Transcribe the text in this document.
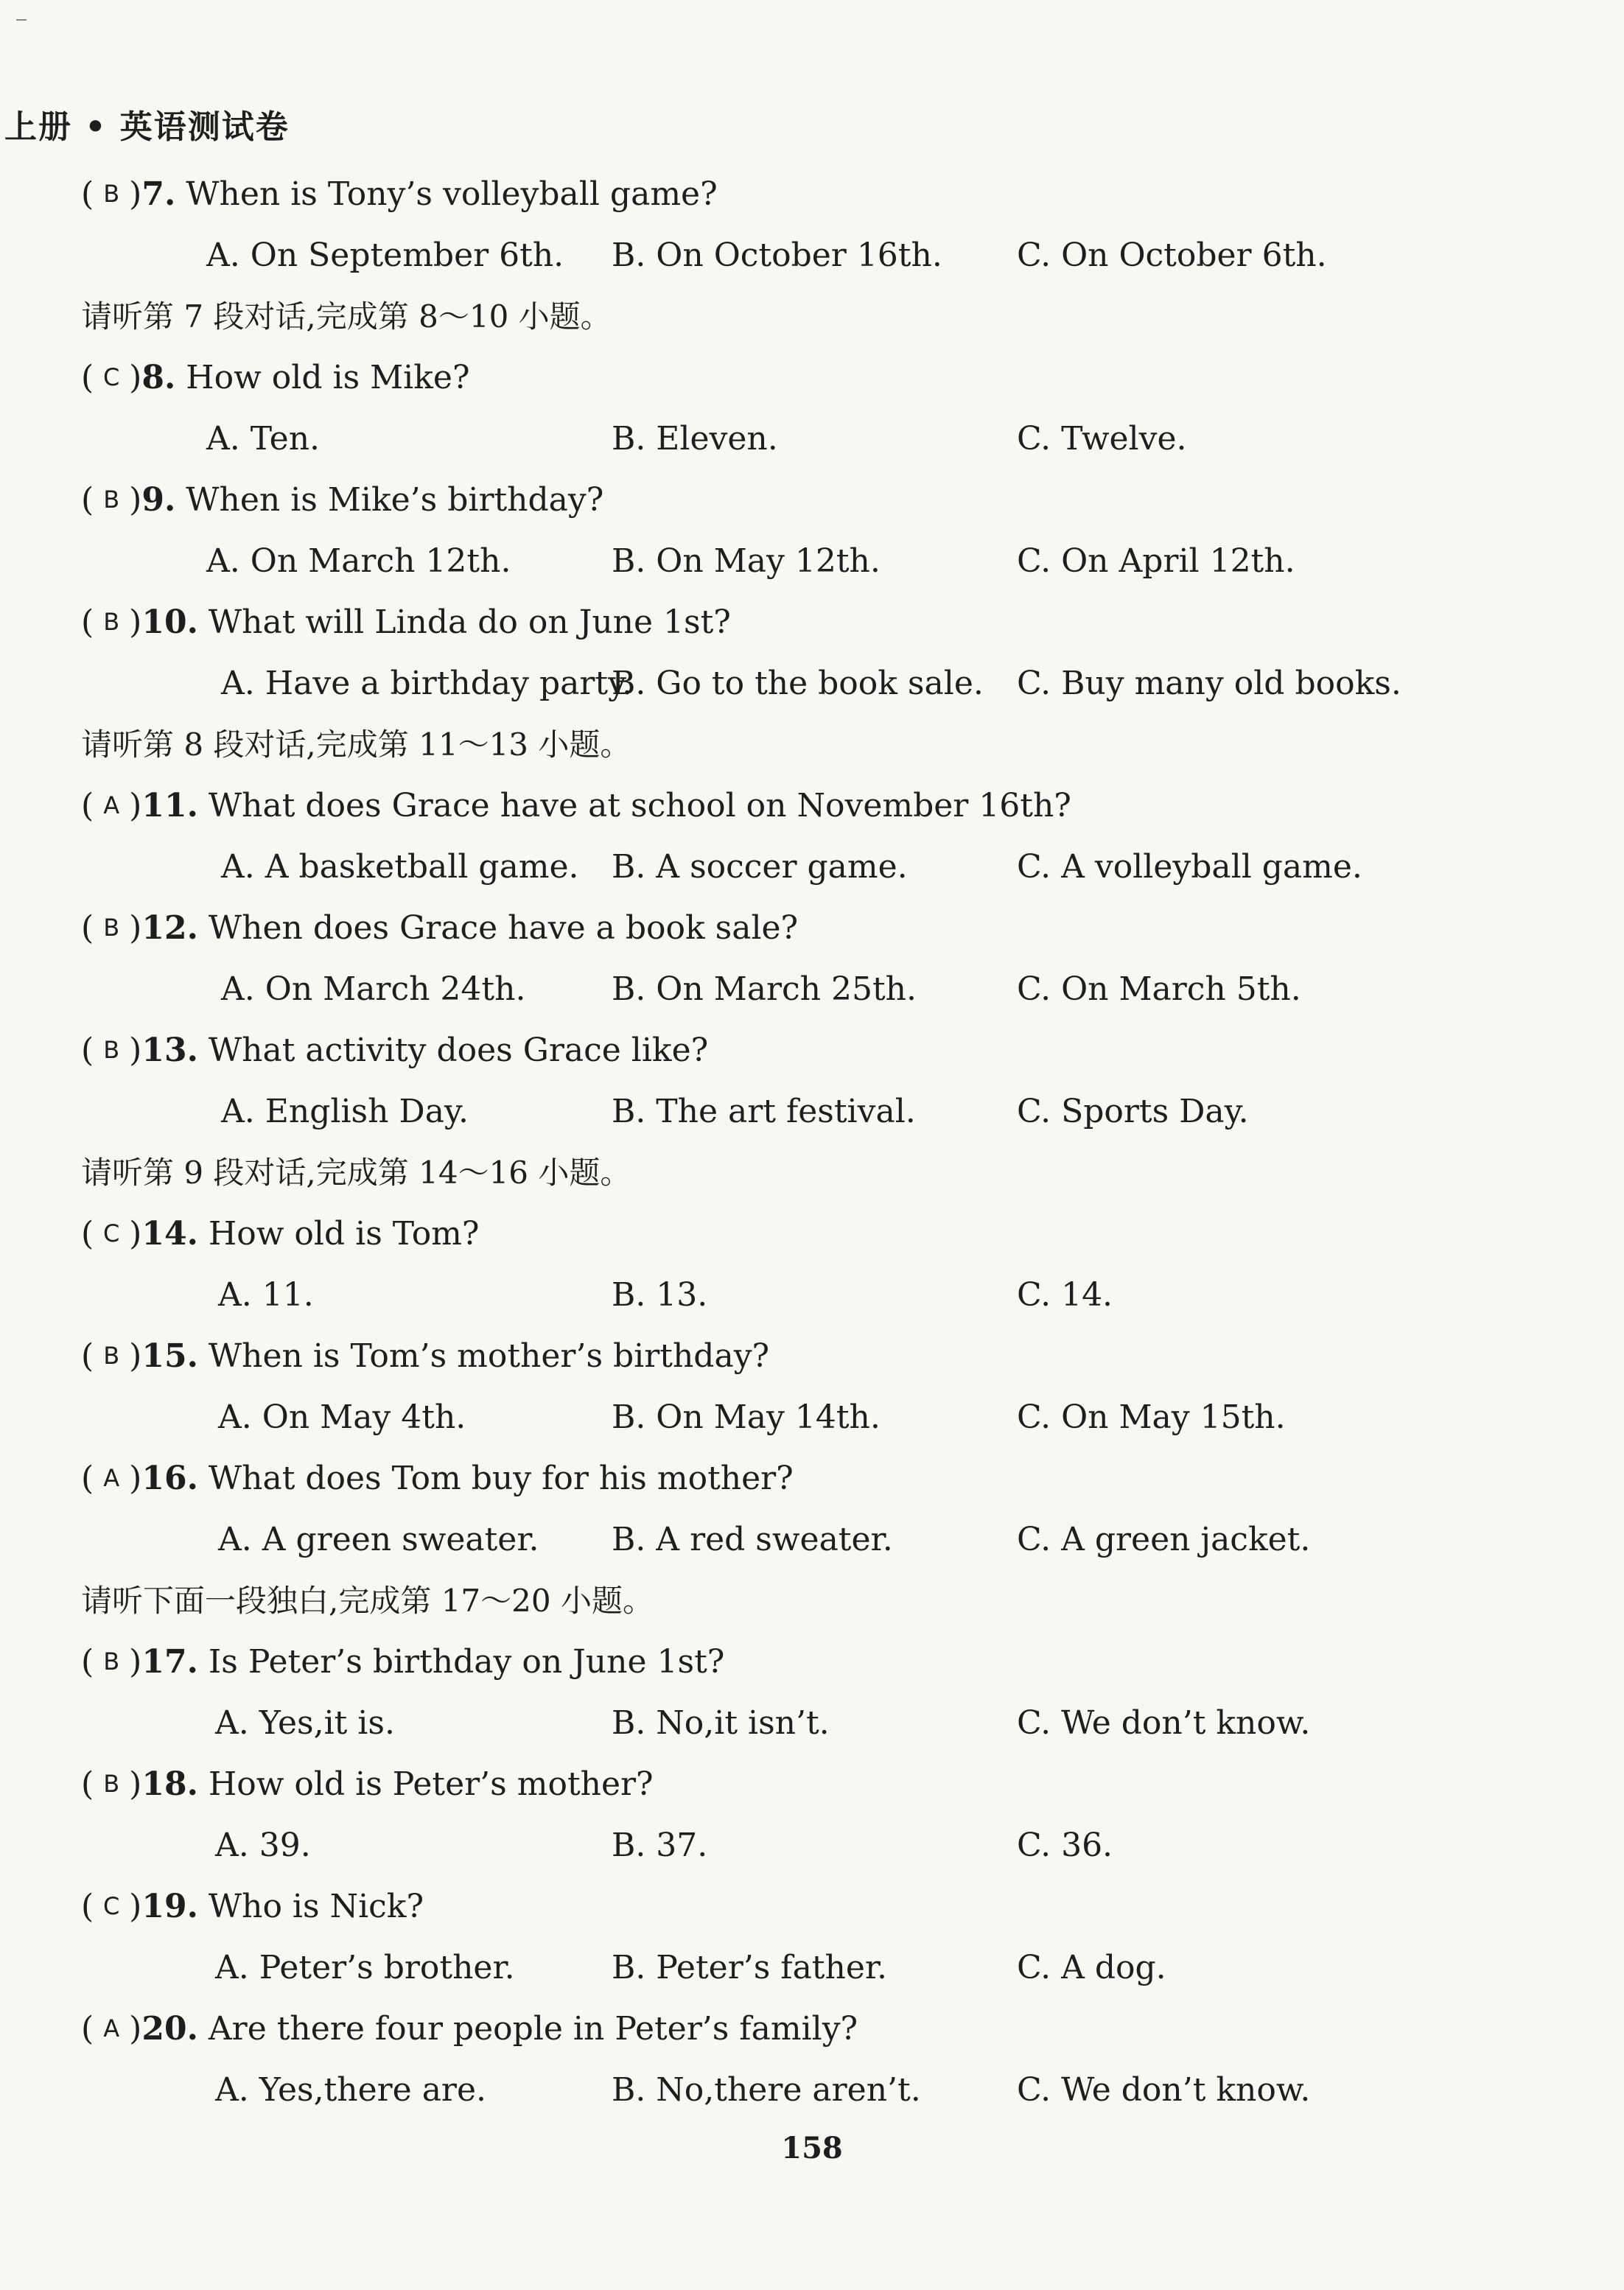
上册 • 英语测试卷
( B )7. When is Tony’s volleyball game?
A. On September 6th. B. On October 16th. C. On October 6th.
请听第 7 段对话,完成第 8～10 小题。
( C )8. How old is Mike?
A. Ten.	B. Eleven.	C. Twelve.
( B )9. When is Mike’s birthday?
A. On March 12th.	B. On May 12th.	C. On April 12th.
( B )10. What will Linda do on June 1st?
A. Have a birthday party.
B. Go to the book sale. C. Buy many old books.
请听第 8 段对话,完成第 11～13 小题。
( A )11. What does Grace have at school on November 16th?
A. A basketball game. B. A soccer game.	C. A volleyball game.
( B )12. When does Grace have a book sale?
A. On March 24th.	B. On March 25th.	C. On March 5th.
( B )13. What activity does Grace like?
A. English Day.	B. The art festival.	C. Sports Day.
请听第 9 段对话,完成第 14～16 小题。
( C )14. How old is Tom?
A. 11.	B. 13.	C. 14.
( B )15. When is Tom’s mother’s birthday?
A. On May 4th.	B. On May 14th.	C. On May 15th.
( A )16. What does Tom buy for his mother?
A. A green sweater. B. A red sweater.	C. A green jacket.
请听下面一段独白,完成第 17～20 小题。
( B )17. Is Peter’s birthday on June 1st?
A. Yes,it is.	B. No,it isn’t.	C. We don’t know.
( B )18. How old is Peter’s mother?
A. 39.	B. 37.	C. 36.
( C )19. Who is Nick?
A. Peter’s brother.	B. Peter’s father.	C. A dog.
( A )20. Are there four people in Peter’s family?
A. Yes,there are.	B. No,there aren’t.	C. We don’t know.
158
